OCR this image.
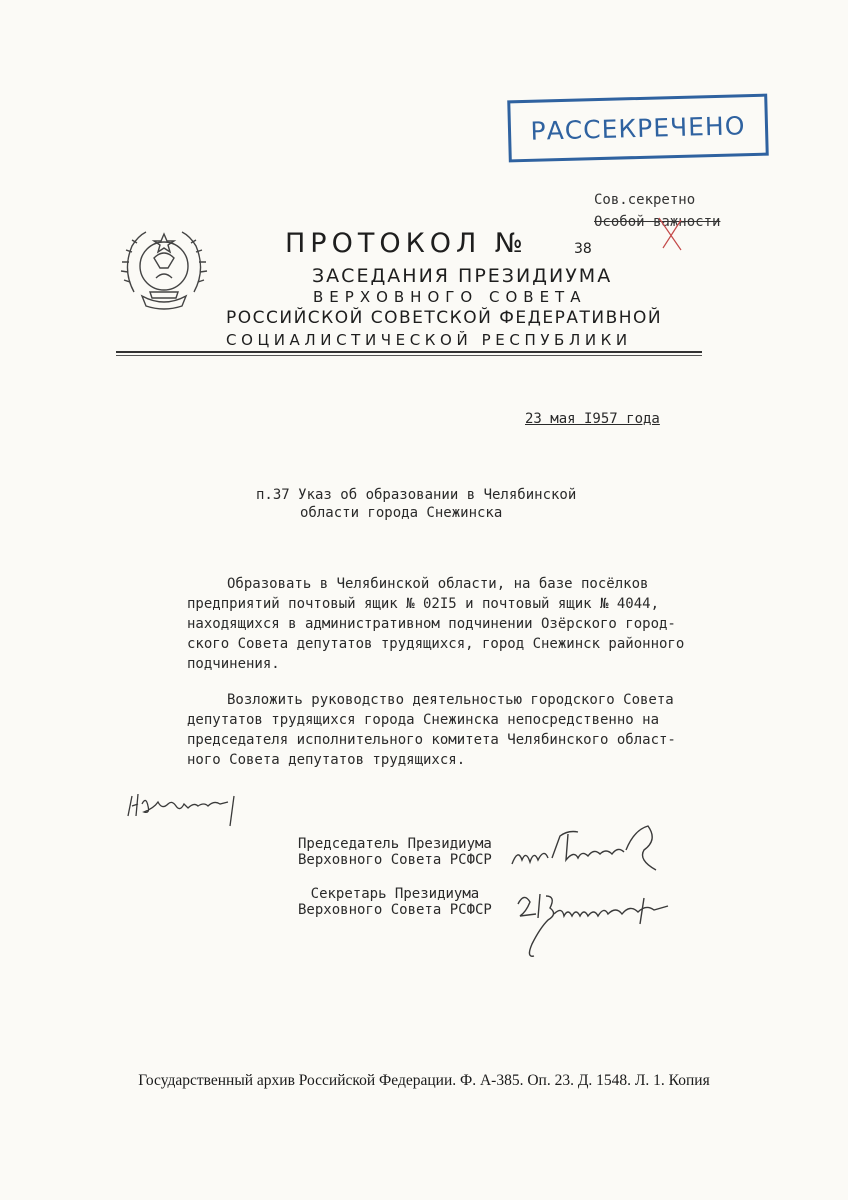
РАССЕКРЕЧЕНО
Сов.секретно
Особой важности
ПРОТОКОЛ №	38
ЗАСЕДАНИЯ ПРЕЗИДИУМА
ВЕРХОВНОГО СОВЕТА
РОССИЙСКОЙ СОВЕТСКОЙ ФЕДЕРАТИВНОЙ
СОЦИАЛИСТИЧЕСКОЙ РЕСПУБЛИКИ
23 мая I957 года
п.37 Указ об образовании в Челябинской
области города Снежинска
Образовать в Челябинской области, на базе посёлков
предприятий почтовый ящик № 02I5 и почтовый ящик № 4044,
находящихся в административном подчинении Озёрского город-
ского Совета депутатов трудящихся, город Снежинск районного
подчинения.
Возложить руководство деятельностью городского Совета
депутатов трудящихся города Снежинска непосредственно на
председателя исполнительного комитета Челябинского област-
ного Совета депутатов трудящихся.
Председатель Президиума
Верховного Совета РСФСР
Секретарь Президиума
Верховного Совета РСФСР
Государственный архив Российской Федерации. Ф. А-385. Оп. 23. Д. 1548. Л. 1. Копия
